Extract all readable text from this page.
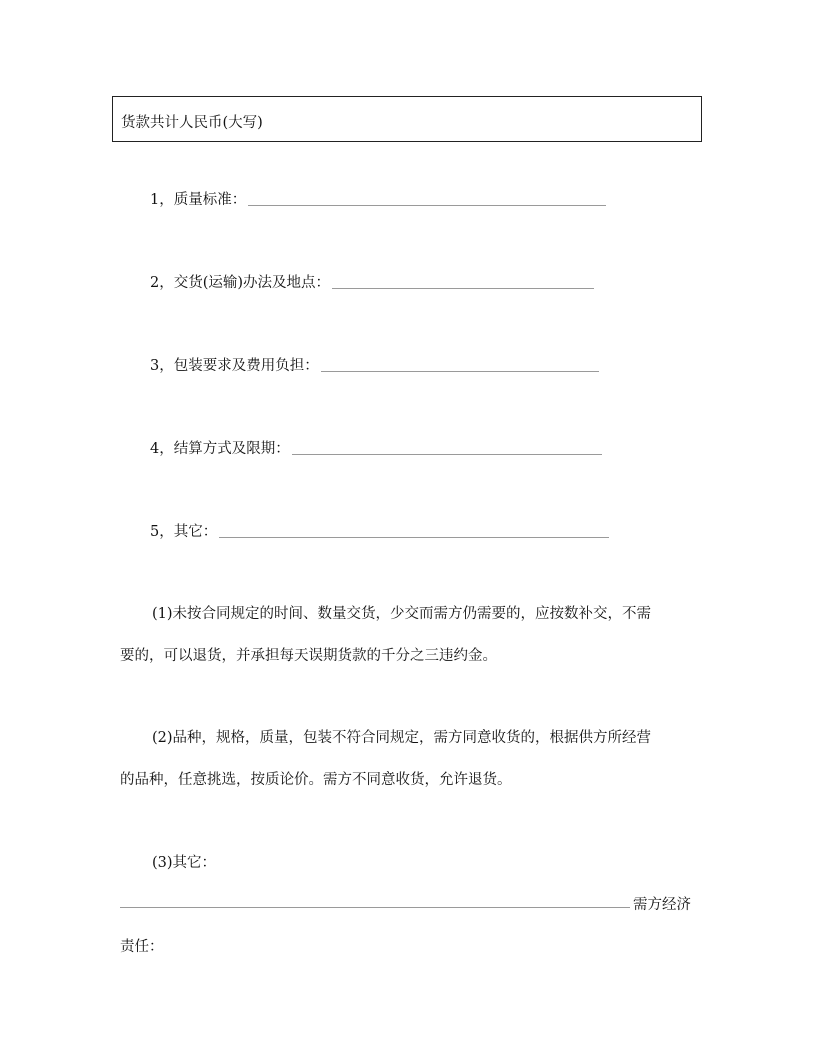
货款共计人民币(大写)
1，质量标准：
2，交货(运输)办法及地点：
3，包装要求及费用负担：
4，结算方式及限期：
5，其它：
(1)未按合同规定的时间、数量交货，少交而需方仍需要的，应按数补交，不需
要的，可以退货，并承担每天误期货款的千分之三违约金。
(2)品种，规格，质量，包装不符合同规定，需方同意收货的，根据供方所经营
的品种，任意挑选，按质论价。需方不同意收货，允许退货。
(3)其它：
需方经济
责任：
